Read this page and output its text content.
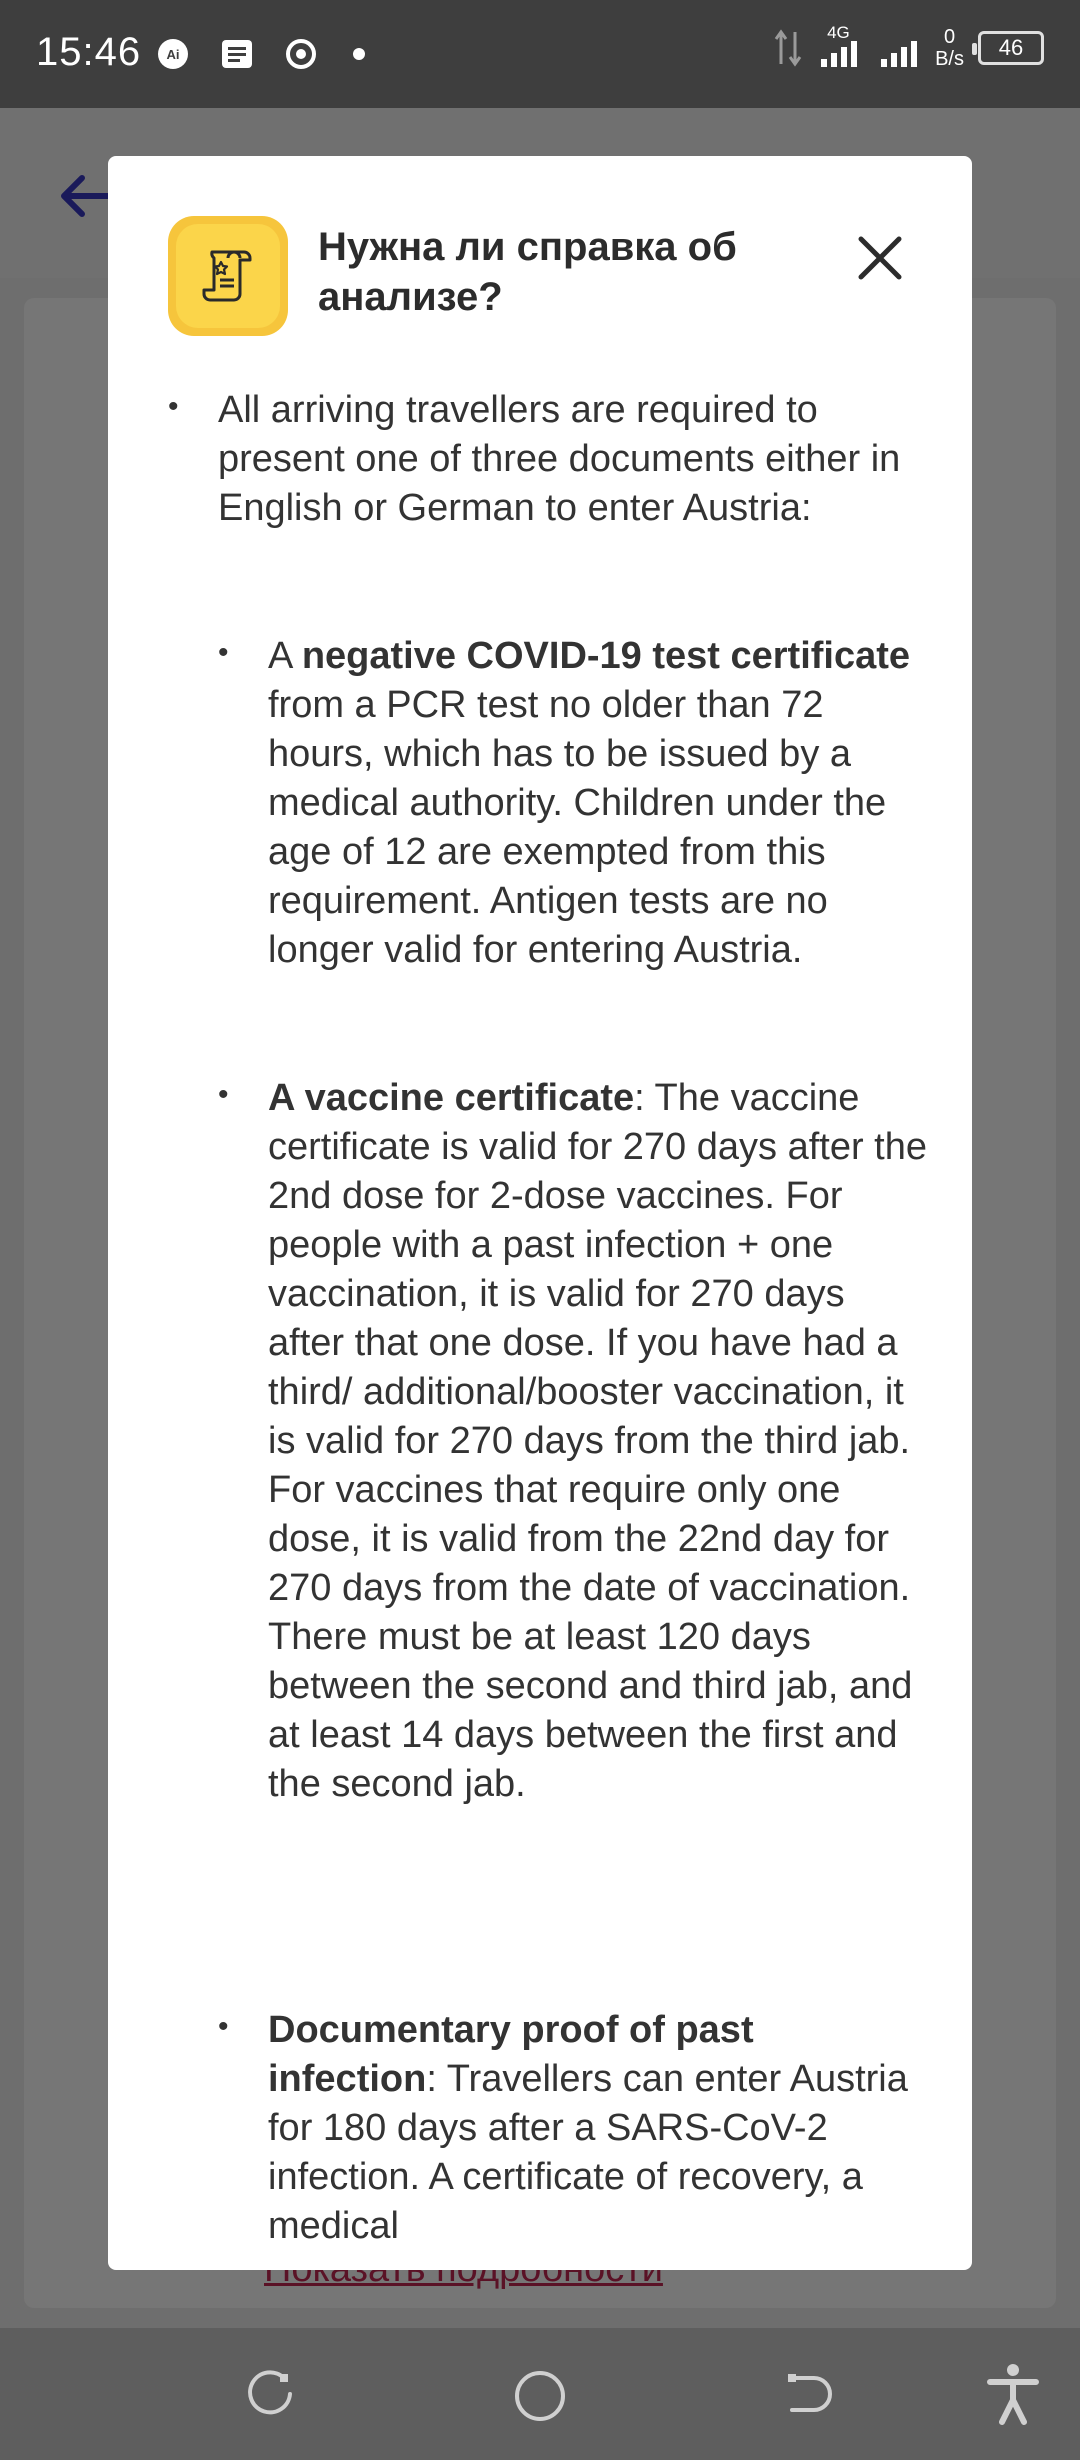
15:46 Ai
4G	0
B/s 46
Нужна ли справка об анализе?
• All arriving travellers are required to present one of three documents either in English or German to enter Austria:
• A negative COVID-19 test certificate from a PCR test no older than 72 hours, which has to be issued by a medical authority. Children under the age of 12 are exempted from this requirement. Antigen tests are no longer valid for entering Austria.
• A vaccine certificate: The vaccine certificate is valid for 270 days after the 2nd dose for 2-dose vaccines. For people with a past infection + one vaccination, it is valid for 270 days after that one dose. If you have had a third/ additional/booster vaccination, it is valid for 270 days from the third jab. For vaccines that require only one dose, it is valid from the 22nd day for 270 days from the date of vaccination. There must be at least 120 days between the second and third jab, and at least 14 days between the first and the second jab.
• Documentary proof of past infection: Travellers can enter Austria for 180 days after a SARS-CoV-2 infection. A certificate of recovery, a medical
